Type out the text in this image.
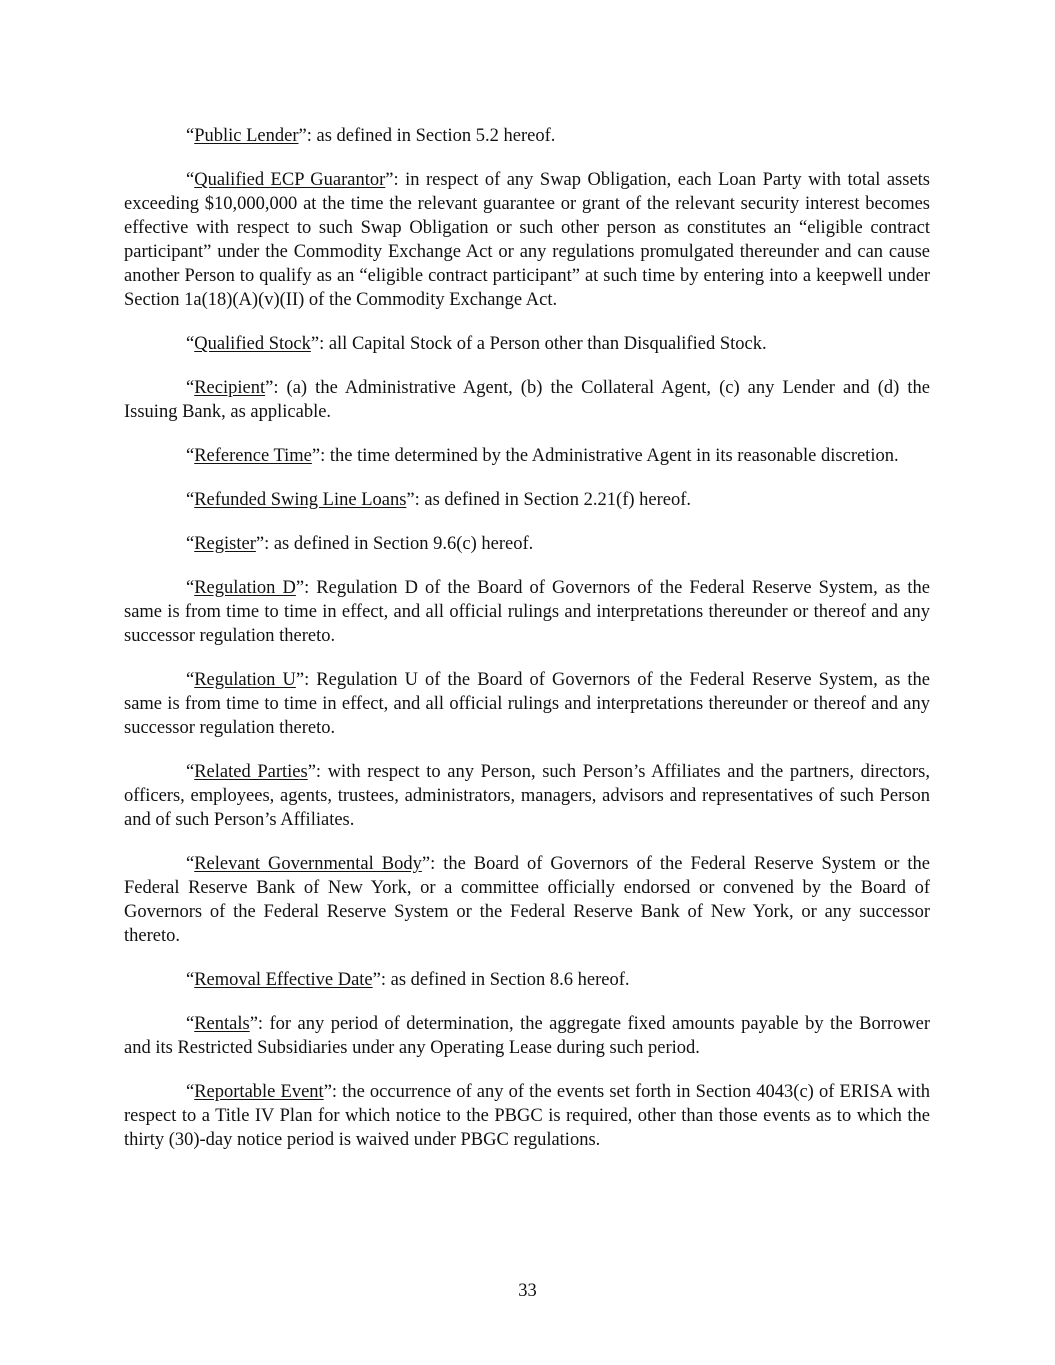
“Public Lender”: as defined in Section 5.2 hereof.

“Qualified ECP Guarantor”: in respect of any Swap Obligation, each Loan Party with total assets exceeding $10,000,000 at the time the relevant guarantee or grant of the relevant security interest becomes effective with respect to such Swap Obligation or such other person as constitutes an “eligible contract participant” under the Commodity Exchange Act or any regulations promulgated thereunder and can cause another Person to qualify as an “eligible contract participant” at such time by entering into a keepwell under Section 1a(18)(A)(v)(II) of the Commodity Exchange Act.

“Qualified Stock”: all Capital Stock of a Person other than Disqualified Stock.

“Recipient”: (a) the Administrative Agent, (b) the Collateral Agent, (c) any Lender and (d) the Issuing Bank, as applicable.

“Reference Time”: the time determined by the Administrative Agent in its reasonable discretion.

“Refunded Swing Line Loans”: as defined in Section 2.21(f) hereof.

“Register”: as defined in Section 9.6(c) hereof.

“Regulation D”: Regulation D of the Board of Governors of the Federal Reserve System, as the same is from time to time in effect, and all official rulings and interpretations thereunder or thereof and any successor regulation thereto.

“Regulation U”: Regulation U of the Board of Governors of the Federal Reserve System, as the same is from time to time in effect, and all official rulings and interpretations thereunder or thereof and any successor regulation thereto.

“Related Parties”: with respect to any Person, such Person’s Affiliates and the partners, directors, officers, employees, agents, trustees, administrators, managers, advisors and representatives of such Person and of such Person’s Affiliates.

“Relevant Governmental Body”: the Board of Governors of the Federal Reserve System or the Federal Reserve Bank of New York, or a committee officially endorsed or convened by the Board of Governors of the Federal Reserve System or the Federal Reserve Bank of New York, or any successor thereto.

“Removal Effective Date”: as defined in Section 8.6 hereof.

“Rentals”: for any period of determination, the aggregate fixed amounts payable by the Borrower and its Restricted Subsidiaries under any Operating Lease during such period.

“Reportable Event”: the occurrence of any of the events set forth in Section 4043(c) of ERISA with respect to a Title IV Plan for which notice to the PBGC is required, other than those events as to which the thirty (30)-day notice period is waived under PBGC regulations.

33
